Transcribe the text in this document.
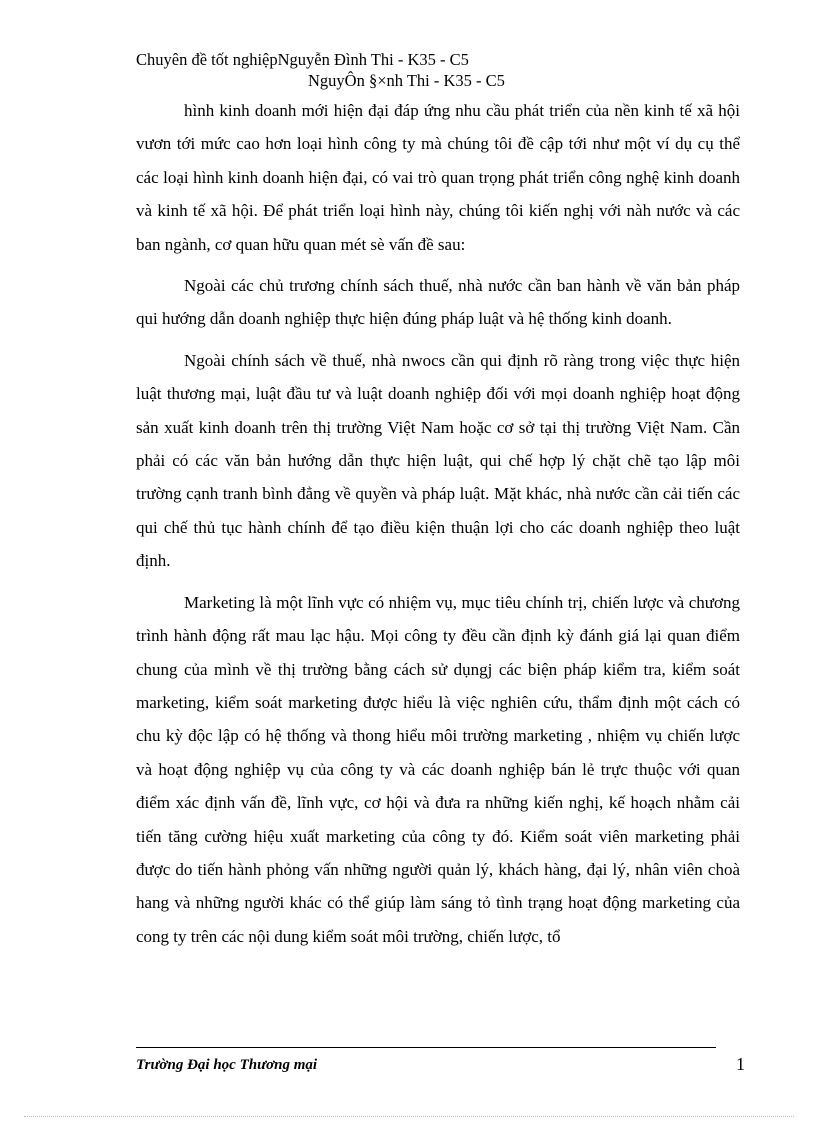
Chuyên đề tốt nghiệpNguyễn Đình Thi - K35 - C5
NguyÔn §×nh Thi - K35 - C5

hình kinh doanh mới hiện đại đáp ứng nhu cầu phát triển của nền kinh tế xã hội vươn tới mức cao hơn loại hình công ty mà chúng tôi đề cập tới như một ví dụ cụ thể các loại hình kinh doanh hiện đại, có vai trò quan trọng phát triển công nghệ kinh doanh và kinh tế xã hội. Để phát triển loại hình này, chúng tôi kiến nghị với nàh nước và các ban ngành, cơ quan hữu quan mét sè vấn đề sau:

Ngoài các chủ trương chính sách thuế, nhà nước cần ban hành về văn bản pháp qui hướng dẫn doanh nghiệp thực hiện đúng pháp luật và hệ thống kinh doanh.

Ngoài chính sách về thuế, nhà nwocs cần qui định rõ ràng trong việc thực hiện luật thương mại, luật đầu tư và luật doanh nghiệp đối với mọi doanh nghiệp hoạt động sản xuất kinh doanh trên thị trường Việt Nam hoặc cơ sở tại thị trường Việt Nam. Cần phải có các văn bản hướng dẫn thực hiện luật, qui chế hợp lý chặt chẽ tạo lập môi trường cạnh tranh bình đẳng về quyền và pháp luật. Mặt khác, nhà nước cần cải tiến các qui chế thủ tục hành chính để tạo điều kiện thuận lợi cho các doanh nghiệp theo luật định.

Marketing là một lĩnh vực có nhiệm vụ, mục tiêu chính trị, chiến lược và chương trình hành động rất mau lạc hậu. Mọi công ty đều cần định kỳ đánh giá lại quan điểm chung của mình về thị trường bằng cách sử dụngj các biện pháp kiểm tra, kiểm soát marketing, kiểm soát marketing được hiểu là việc nghiên cứu, thẩm định một cách có chu kỳ độc lập có hệ thống và thong hiểu môi trường marketing , nhiệm vụ chiến lược và hoạt động nghiệp vụ của công ty và các doanh nghiệp bán lẻ trực thuộc với quan điểm xác định vấn đề, lĩnh vực, cơ hội và đưa ra những kiến nghị, kế hoạch nhằm cải tiến tăng cường hiệu xuất marketing của công ty đó. Kiểm soát viên marketing phải được do tiến hành phỏng vấn những người quản lý, khách hàng, đại lý, nhân viên choà hang và những người khác có thể giúp làm sáng tỏ tình trạng hoạt động marketing của cong ty trên các nội dung kiểm soát môi trường, chiến lược, tổ

Trường Đại học Thương mại	1
